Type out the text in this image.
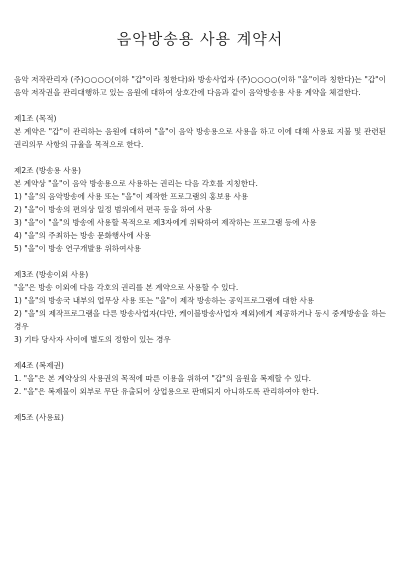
음악방송용 사용 계약서

음악 저작관리자 (주)○○○○(이하 "갑"이라 칭한다)와 방송사업자 (주)○○○○(이하 "을"이라 칭한다)는 "갑"이 음악 저작권을 관리대행하고 있는 음원에 대하여 상호간에 다음과 같이 음악방송용 사용 계약을 체결한다.

제1조 (목적)

본 계약은 "갑"이 관리하는 음원에 대하여 "을"이 음악 방송용으로 사용을 하고 이에 대해 사용료 지불 및 관련된 권리의무 사항의 규율을 목적으로 한다.

제2조 (방송용 사용)

본 계약상 "을"이 음악 방송용으로 사용하는 권리는 다음 각호를 지칭한다.

1) "을"의 음악방송에 사용 또는 "을"이 제작한 프로그램의 홍보용 사용

2) "을"이 방송의 편의상 일정 범위에서 편곡 등을 하여 사용

3) "을"이 "을"의 방송에 사용할 목적으로 제3자에게 위탁하여 제작하는 프로그램 등에 사용

4) "을"의 주최하는 방송 문화행사에 사용

5) "을"이 방송 연구개발용 위하여사용

제3조 (방송이외 사용)

"을"은 방송 이외에 다음 각호의 권리를 본 계약으로 사용할 수 있다.

1) "을"의 방송국 내부의 업무상 사용 또는 "을"이 제작 방송하는 공익프로그램에 대한 사용

2) "을"의 제작프로그램을 다른 방송사업자(다만, 케이블방송사업자 제외)에게 제공하거나 동시 중계방송을 하는 경우

3) 기타 당사자 사이에 별도의 정함이 있는 경우

제4조 (복제권)

1. "을"은 본 계약상의 사용권의 목적에 따른 이용을 위하여 "갑"의 음원을 복제할 수 있다.

2. "을"은 복제물이 외부로 무단 유출되어 상업용으로 판매되지 아니하도록 관리하여야 한다.

제5조 (사용료)
